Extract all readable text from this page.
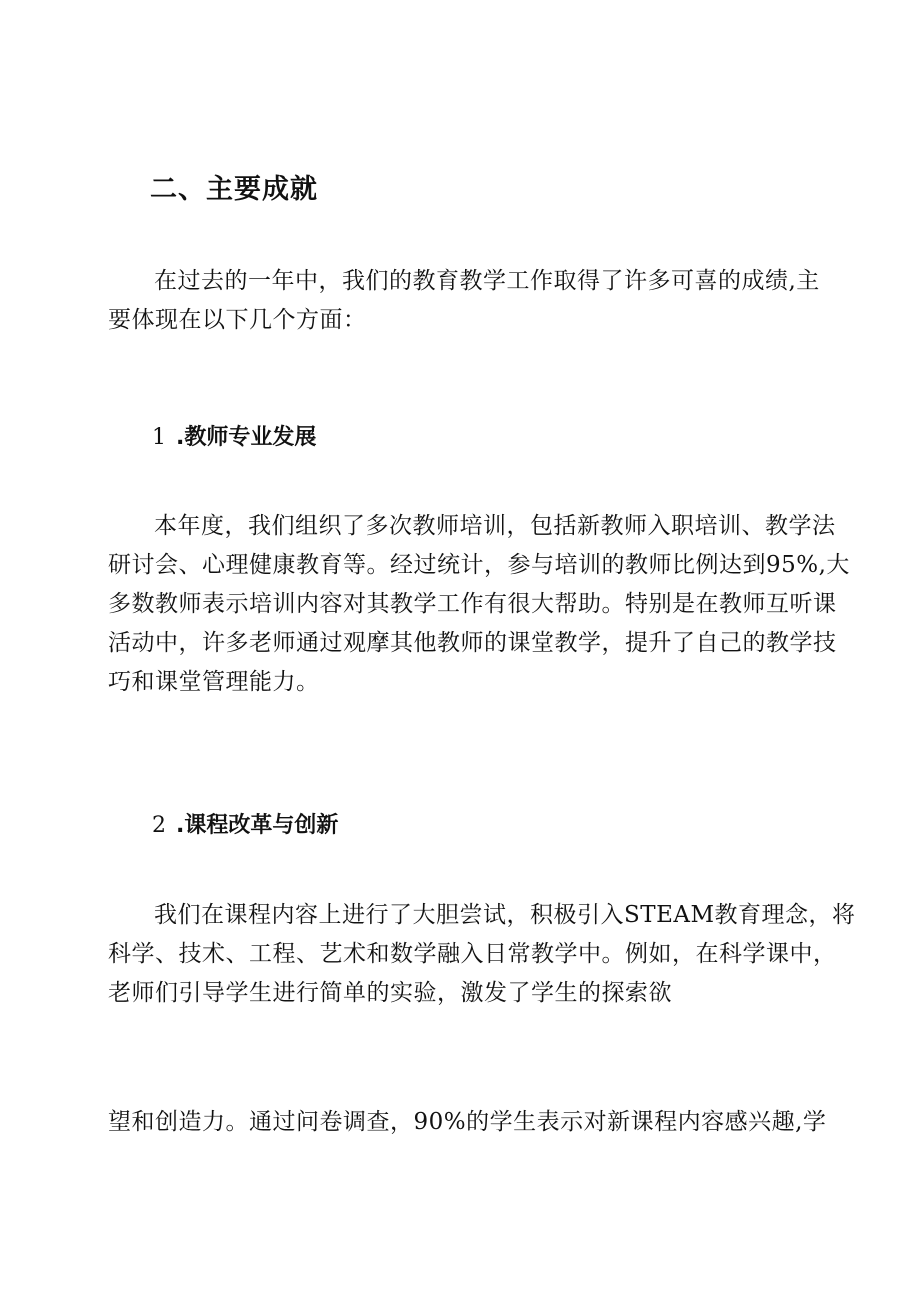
二、主要成就
在过去的一年中，我们的教育教学工作取得了许多可喜的成绩,主
要体现在以下几个方面：
1 .教师专业发展
本年度，我们组织了多次教师培训，包括新教师入职培训、教学法
研讨会、心理健康教育等。经过统计，参与培训的教师比例达到95%,大
多数教师表示培训内容对其教学工作有很大帮助。特别是在教师互听课
活动中，许多老师通过观摩其他教师的课堂教学，提升了自己的教学技
巧和课堂管理能力。
2 .课程改革与创新
我们在课程内容上进行了大胆尝试，积极引入STEAM教育理念，将
科学、技术、工程、艺术和数学融入日常教学中。例如，在科学课中，
老师们引导学生进行简单的实验，激发了学生的探索欲
望和创造力。通过问卷调查，90%的学生表示对新课程内容感兴趣,学
